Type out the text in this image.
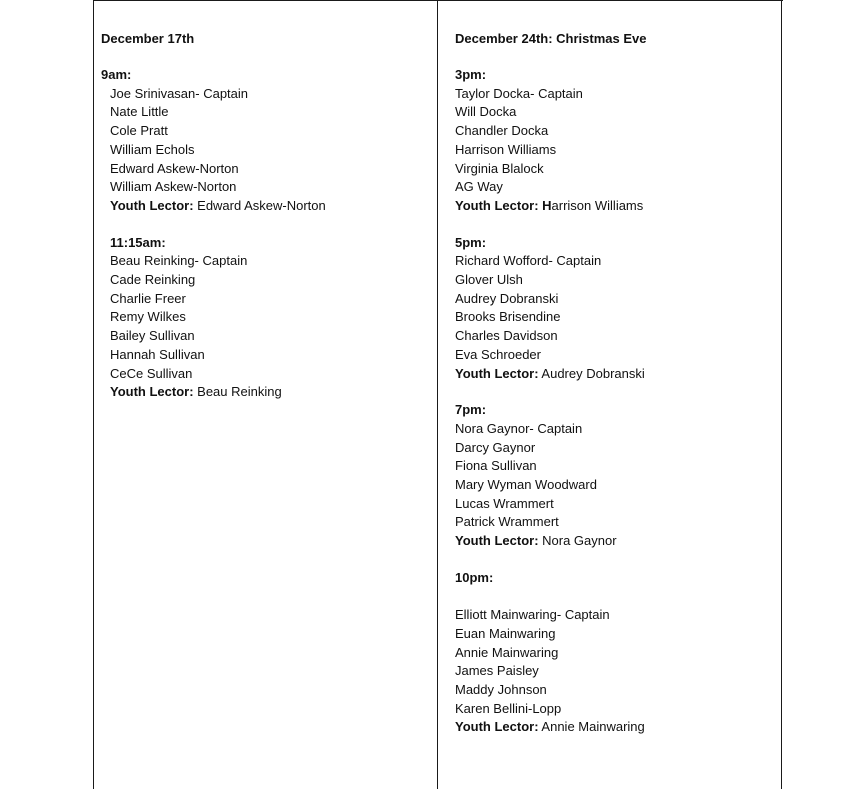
December 17th
9am:
Joe Srinivasan- Captain
Nate Little
Cole Pratt
William Echols
Edward Askew-Norton
William Askew-Norton
Youth Lector: Edward Askew-Norton
11:15am:
Beau Reinking- Captain
Cade Reinking
Charlie Freer
Remy Wilkes
Bailey Sullivan
Hannah Sullivan
CeCe Sullivan
Youth Lector: Beau Reinking
December 24th: Christmas Eve
3pm:
Taylor Docka- Captain
Will Docka
Chandler Docka
Harrison Williams
Virginia Blalock
AG Way
Youth Lector: Harrison Williams
5pm:
Richard Wofford- Captain
Glover Ulsh
Audrey Dobranski
Brooks Brisendine
Charles Davidson
Eva Schroeder
Youth Lector: Audrey Dobranski
7pm:
Nora Gaynor- Captain
Darcy Gaynor
Fiona Sullivan
Mary Wyman Woodward
Lucas Wrammert
Patrick Wrammert
Youth Lector: Nora Gaynor
10pm:
Elliott Mainwaring- Captain
Euan Mainwaring
Annie Mainwaring
James Paisley
Maddy Johnson
Karen Bellini-Lopp
Youth Lector: Annie Mainwaring
